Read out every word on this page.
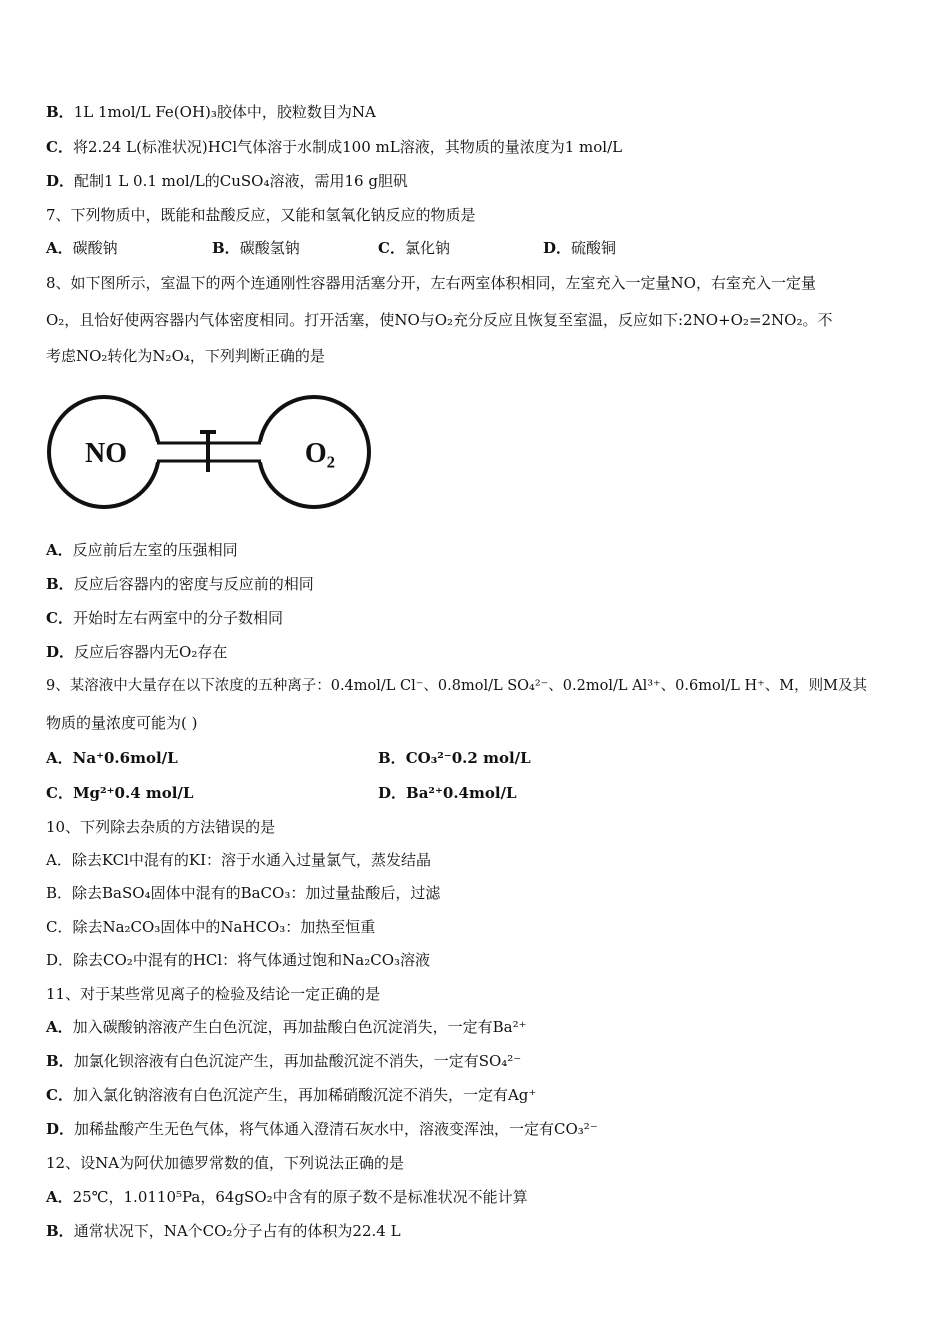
B．1L 1mol/L Fe(OH)₃胶体中，胶粒数目为NA
C．将2.24 L(标准状况)HCl气体溶于水制成100 mL溶液，其物质的量浓度为1 mol/L
D．配制1 L 0.1 mol/L的CuSO₄溶液，需用16 g胆矾
7、下列物质中，既能和盐酸反应，又能和氢氧化钠反应的物质是
A．碳酸钠	B．碳酸氢钠	C．氯化钠	D．硫酸铜
8、如下图所示，室温下的两个连通刚性容器用活塞分开，左右两室体积相同，左室充入一定量NO，右室充入一定量
O₂，且恰好使两容器内气体密度相同。打开活塞，使NO与O₂充分反应且恢复至室温，反应如下:2NO+O₂=2NO₂。不
考虑NO₂转化为N₂O₄，下列判断正确的是
NO	O₂
A．反应前后左室的压强相同
B．反应后容器内的密度与反应前的相同
C．开始时左右两室中的分子数相同
D．反应后容器内无O₂存在
9、某溶液中大量存在以下浓度的五种离子：0.4mol/L Cl⁻、0.8mol/L SO₄²⁻、0.2mol/L Al³⁺、0.6mol/L H⁺、M，则M及其
物质的量浓度可能为( )
A．Na⁺0.6mol/L	B．CO₃²⁻0.2 mol/L
C．Mg²⁺0.4 mol/L	D．Ba²⁺0.4mol/L
10、下列除去杂质的方法错误的是
A．除去KCl中混有的KI：溶于水通入过量氯气，蒸发结晶
B．除去BaSO₄固体中混有的BaCO₃：加过量盐酸后，过滤
C．除去Na₂CO₃固体中的NaHCO₃：加热至恒重
D．除去CO₂中混有的HCl：将气体通过饱和Na₂CO₃溶液
11、对于某些常见离子的检验及结论一定正确的是
A．加入碳酸钠溶液产生白色沉淀，再加盐酸白色沉淀消失，一定有Ba²⁺
B．加氯化钡溶液有白色沉淀产生，再加盐酸沉淀不消失，一定有SO₄²⁻
C．加入氯化钠溶液有白色沉淀产生，再加稀硝酸沉淀不消失，一定有Ag⁺
D．加稀盐酸产生无色气体，将气体通入澄清石灰水中，溶液变浑浊，一定有CO₃²⁻
12、设NA为阿伏加德罗常数的值，下列说法正确的是
A．25℃，1.0110⁵Pa，64gSO₂中含有的原子数不是标准状况不能计算
B．通常状况下，NA个CO₂分子占有的体积为22.4 L
